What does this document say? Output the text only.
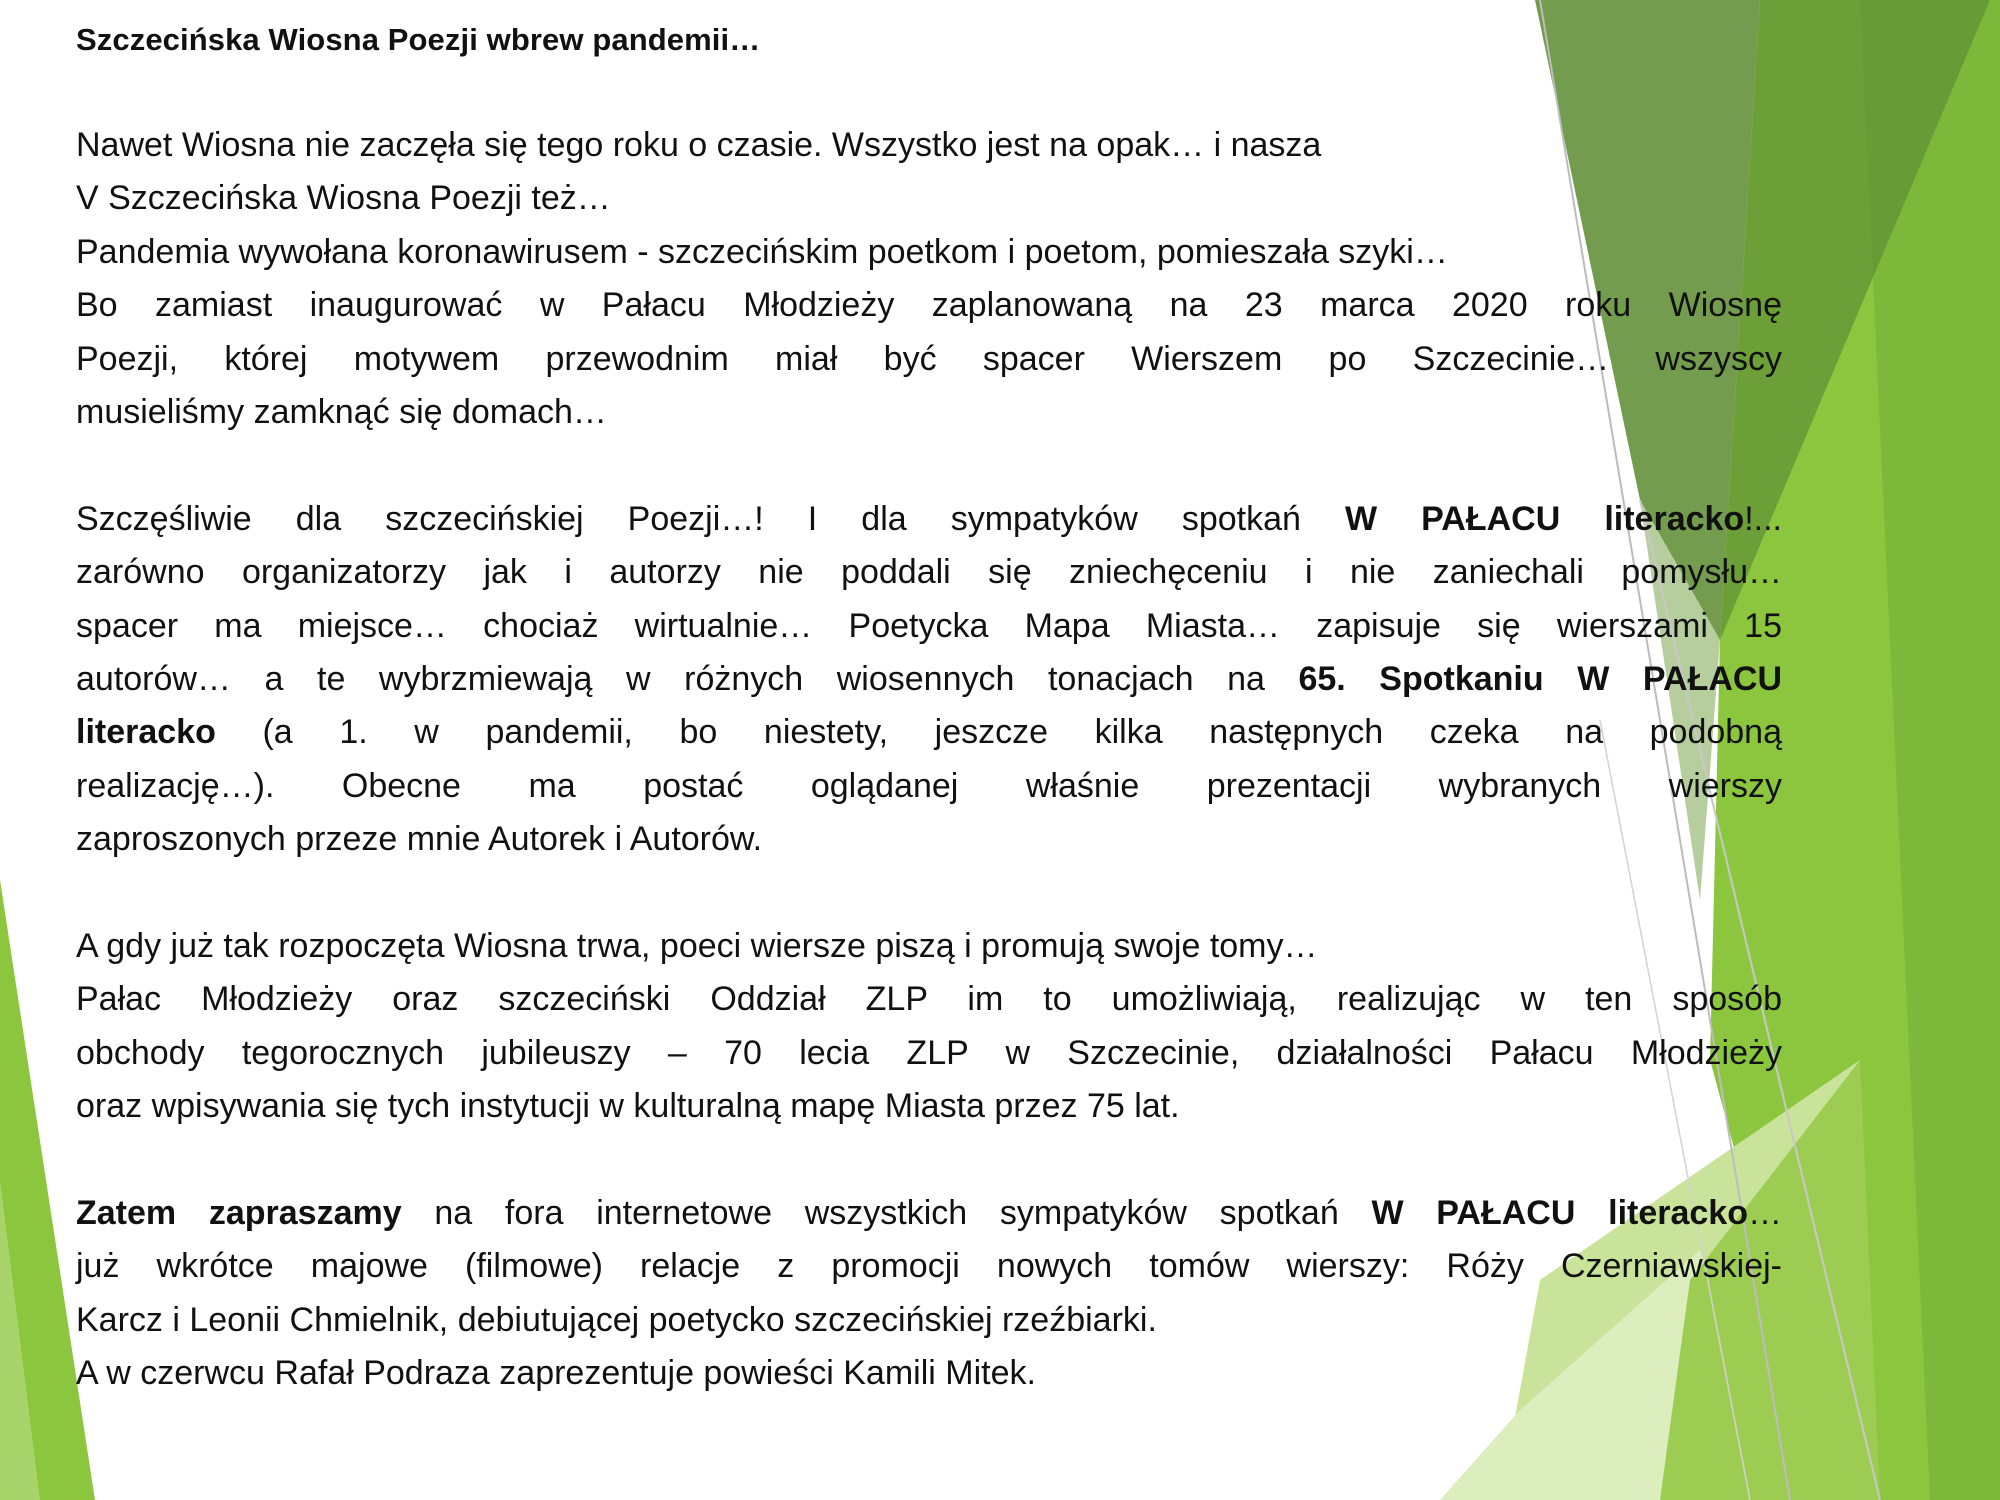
Szczecińska Wiosna Poezji wbrew pandemii…
Nawet Wiosna nie zaczęła się tego roku o czasie. Wszystko jest na opak… i nasza
V Szczecińska Wiosna Poezji też…
Pandemia wywołana koronawirusem - szczecińskim poetkom i poetom, pomieszała szyki…
Bo zamiast inaugurować w Pałacu Młodzieży zaplanowaną na 23 marca 2020 roku Wiosnę
Poezji, której motywem przewodnim miał być spacer Wierszem po Szczecinie… wszyscy
musieliśmy zamknąć się domach…
Szczęśliwie dla szczecińskiej Poezji…! I dla sympatyków spotkań W PAŁACU literacko!...
zarówno organizatorzy jak i autorzy nie poddali się zniechęceniu i nie zaniechali pomysłu…
spacer ma miejsce… chociaż wirtualnie… Poetycka Mapa Miasta… zapisuje się wierszami 15
autorów… a te wybrzmiewają w różnych wiosennych tonacjach na 65. Spotkaniu W PAŁACU
literacko (a 1. w pandemii, bo niestety, jeszcze kilka następnych czeka na podobną
realizację…). Obecne ma postać oglądanej właśnie prezentacji wybranych wierszy
zaproszonych przeze mnie Autorek i Autorów.
A gdy już tak rozpoczęta Wiosna trwa, poeci wiersze piszą i promują swoje tomy…
Pałac Młodzieży oraz szczeciński Oddział ZLP im to umożliwiają, realizując w ten sposób
obchody tegorocznych jubileuszy – 70 lecia ZLP w Szczecinie, działalności Pałacu Młodzieży
oraz wpisywania się tych instytucji w kulturalną mapę Miasta przez 75 lat.
Zatem zapraszamy na fora internetowe wszystkich sympatyków spotkań W PAŁACU literacko…
już wkrótce majowe (filmowe) relacje z promocji nowych tomów wierszy: Róży Czerniawskiej-
Karcz i Leonii Chmielnik, debiutującej poetycko szczecińskiej rzeźbiarki.
A w czerwcu Rafał Podraza zaprezentuje powieści Kamili Mitek.
